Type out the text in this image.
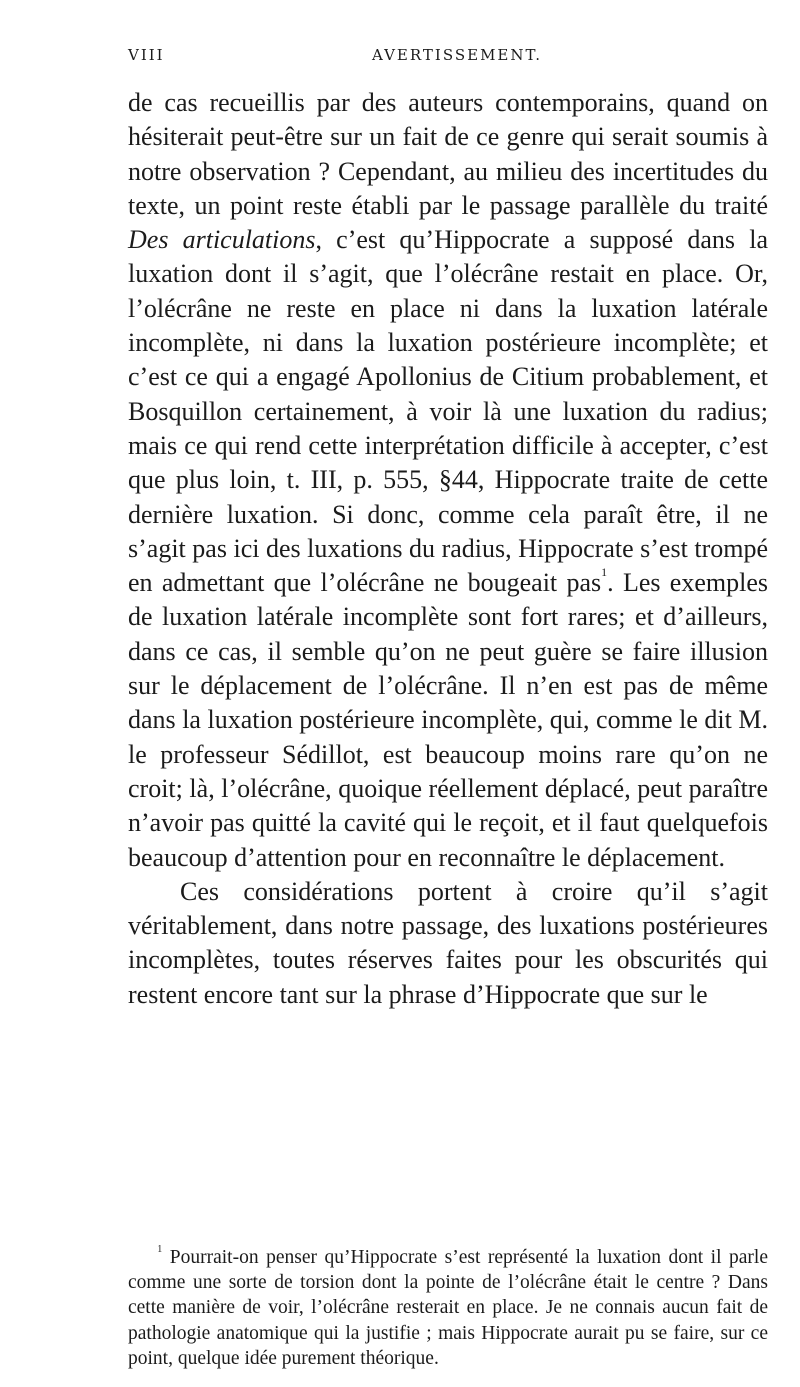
VIII	AVERTISSEMENT.

de cas recueillis par des auteurs contemporains, quand on hésiterait peut-être sur un fait de ce genre qui serait soumis à notre observation ? Cependant, au milieu des incertitudes du texte, un point reste établi par le passage parallèle du traité Des articulations, c’est qu’Hippocrate a supposé dans la luxation dont il s’agit, que l’olécrâne restait en place. Or, l’olécrâne ne reste en place ni dans la luxation latérale incomplète, ni dans la luxation postérieure incomplète; et c’est ce qui a engagé Apollonius de Citium probablement, et Bosquillon certainement, à voir là une luxation du radius; mais ce qui rend cette interprétation difficile à accepter, c’est que plus loin, t. III, p. 555, §44, Hippocrate traite de cette dernière luxation. Si donc, comme cela paraît être, il ne s’agit pas ici des luxations du radius, Hippocrate s’est trompé en admettant que l’olécrâne ne bougeait pas$^1$. Les exemples de luxation latérale incomplète sont fort rares; et d’ailleurs, dans ce cas, il semble qu’on ne peut guère se faire illusion sur le déplacement de l’olécrâne. Il n’en est pas de même dans la luxation postérieure incomplète, qui, comme le dit M. le professeur Sédillot, est beaucoup moins rare qu’on ne croit; là, l’olécrâne, quoique réellement déplacé, peut paraître n’avoir pas quitté la cavité qui le reçoit, et il faut quelquefois beaucoup d’attention pour en reconnaître le déplacement.

Ces considérations portent à croire qu’il s’agit véritablement, dans notre passage, des luxations postérieures incomplètes, toutes réserves faites pour les obscurités qui restent encore tant sur la phrase d’Hippocrate que sur le

$^1$ Pourrait-on penser qu’Hippocrate s’est représenté la luxation dont il parle comme une sorte de torsion dont la pointe de l’olécrâne était le centre ? Dans cette manière de voir, l’olécrâne resterait en place. Je ne connais aucun fait de pathologie anatomique qui la justifie ; mais Hippocrate aurait pu se faire, sur ce point, quelque idée purement théorique.
